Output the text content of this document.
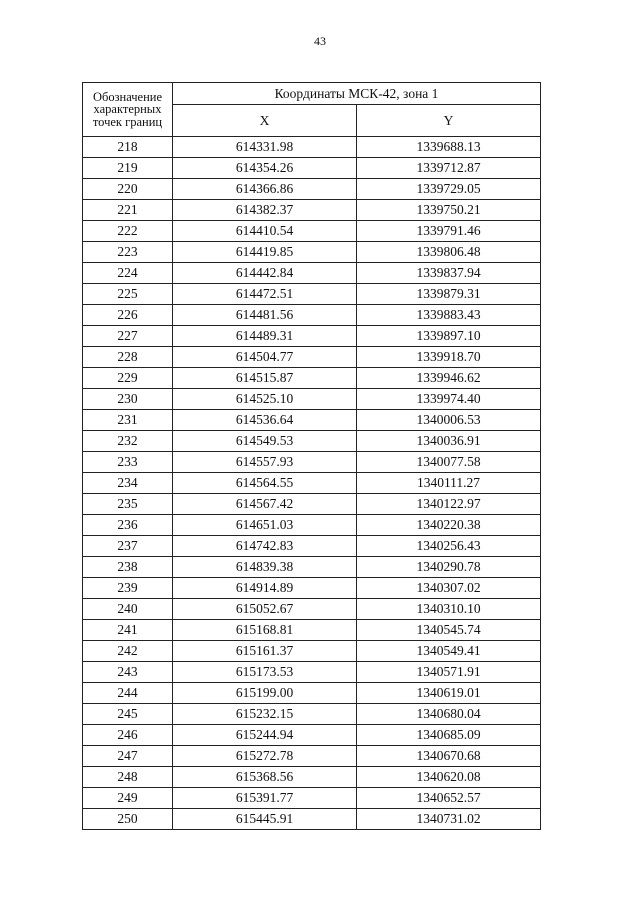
43
Обозначение
характерных
точек границ	Координаты МСК-42, зона 1	
	X	Y
218	614331.98	1339688.13
219	614354.26	1339712.87
220	614366.86	1339729.05
221	614382.37	1339750.21
222	614410.54	1339791.46
223	614419.85	1339806.48
224	614442.84	1339837.94
225	614472.51	1339879.31
226	614481.56	1339883.43
227	614489.31	1339897.10
228	614504.77	1339918.70
229	614515.87	1339946.62
230	614525.10	1339974.40
231	614536.64	1340006.53
232	614549.53	1340036.91
233	614557.93	1340077.58
234	614564.55	1340111.27
235	614567.42	1340122.97
236	614651.03	1340220.38
237	614742.83	1340256.43
238	614839.38	1340290.78
239	614914.89	1340307.02
240	615052.67	1340310.10
241	615168.81	1340545.74
242	615161.37	1340549.41
243	615173.53	1340571.91
244	615199.00	1340619.01
245	615232.15	1340680.04
246	615244.94	1340685.09
247	615272.78	1340670.68
248	615368.56	1340620.08
249	615391.77	1340652.57
250	615445.91	1340731.02
